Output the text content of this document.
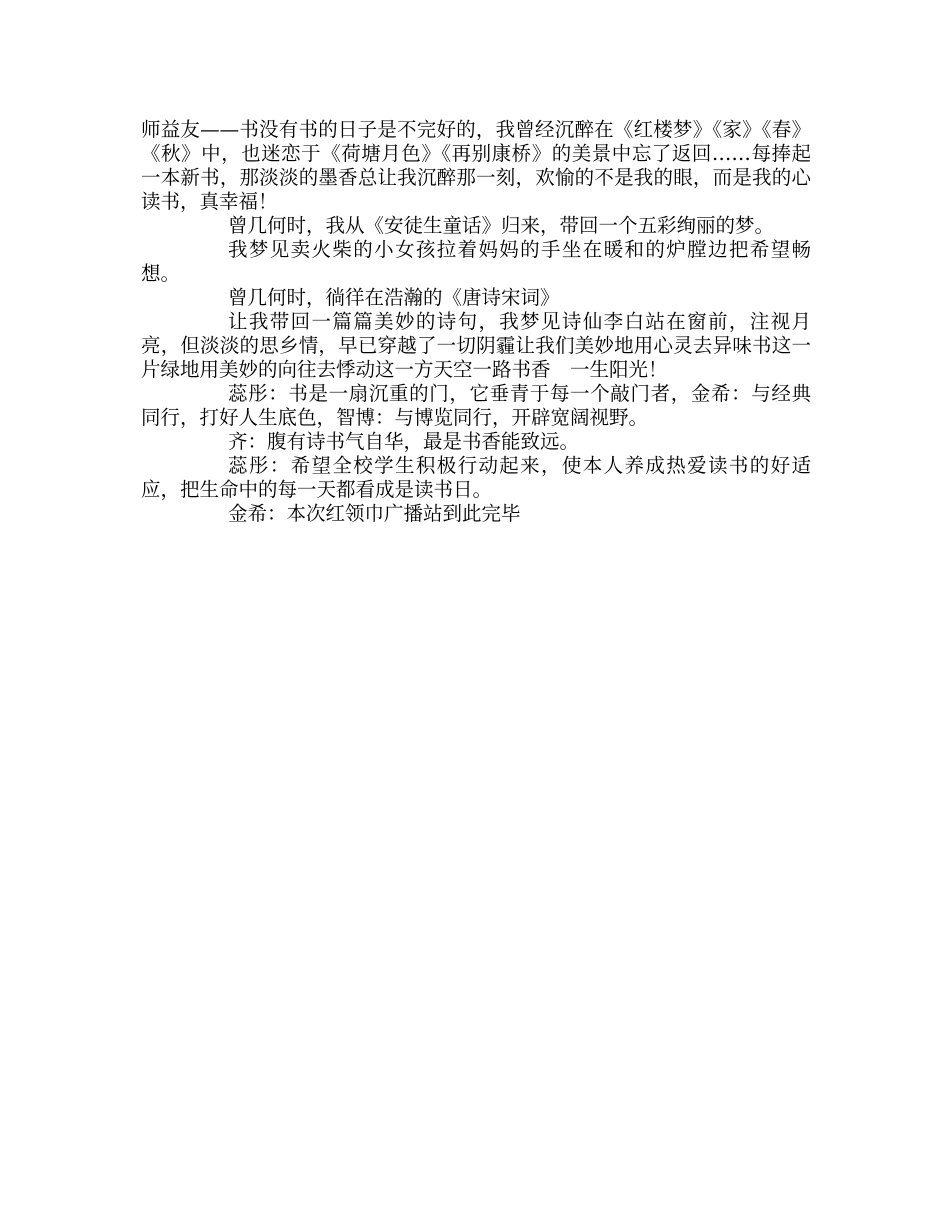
师益友——书没有书的日子是不完好的，我曾经沉醉在《红楼梦》《家》《春》《秋》中，也迷恋于《荷塘月色》《再别康桥》的美景中忘了返回……每捧起一本新书，那淡淡的墨香总让我沉醉那一刻，欢愉的不是我的眼，而是我的心读书，真幸福！

曾几何时，我从《安徒生童话》归来，带回一个五彩绚丽的梦。

我梦见卖火柴的小女孩拉着妈妈的手坐在暖和的炉膛边把希望畅想。

曾几何时，徜徉在浩瀚的《唐诗宋词》

让我带回一篇篇美妙的诗句，我梦见诗仙李白站在窗前，注视月亮，但淡淡的思乡情，早已穿越了一切阴霾让我们美妙地用心灵去异味书这一片绿地用美妙的向往去悸动这一方天空一路书香　一生阳光！

蕊彤：书是一扇沉重的门，它垂青于每一个敲门者，金希：与经典同行，打好人生底色，智博：与博览同行，开辟宽阔视野。

齐：腹有诗书气自华，最是书香能致远。

蕊彤：希望全校学生积极行动起来，使本人养成热爱读书的好适应，把生命中的每一天都看成是读书日。

金希：本次红领巾广播站到此完毕
